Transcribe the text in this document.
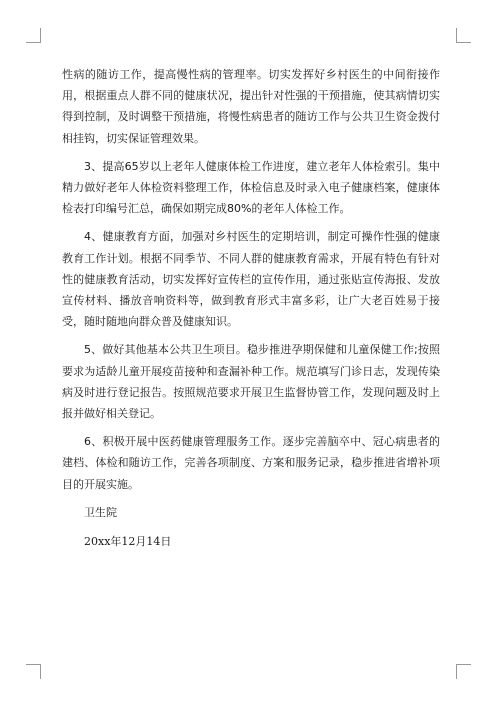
性病的随访工作，提高慢性病的管理率。切实发挥好乡村医生的中间衔接作用，根据重点人群不同的健康状况，提出针对性强的干预措施，使其病情切实得到控制，及时调整干预措施，将慢性病患者的随访工作与公共卫生资金拨付相挂钩，切实保证管理效果。

3、提高65岁以上老年人健康体检工作进度，建立老年人体检索引。集中精力做好老年人体检资料整理工作，体检信息及时录入电子健康档案，健康体检表打印编号汇总，确保如期完成80%的老年人体检工作。

4、健康教育方面，加强对乡村医生的定期培训，制定可操作性强的健康教育工作计划。根据不同季节、不同人群的健康教育需求，开展有特色有针对性的健康教育活动，切实发挥好宣传栏的宣传作用，通过张贴宣传海报、发放宣传材料、播放音响资料等，做到教育形式丰富多彩，让广大老百姓易于接受，随时随地向群众普及健康知识。

5、做好其他基本公共卫生项目。稳步推进孕期保健和儿童保健工作;按照要求为适龄儿童开展疫苗接种和查漏补种工作。规范填写门诊日志，发现传染病及时进行登记报告。按照规范要求开展卫生监督协管工作，发现问题及时上报并做好相关登记。

6、积极开展中医药健康管理服务工作。逐步完善脑卒中、冠心病患者的建档、体检和随访工作，完善各项制度、方案和服务记录，稳步推进省增补项目的开展实施。

卫生院

20xx年12月14日
